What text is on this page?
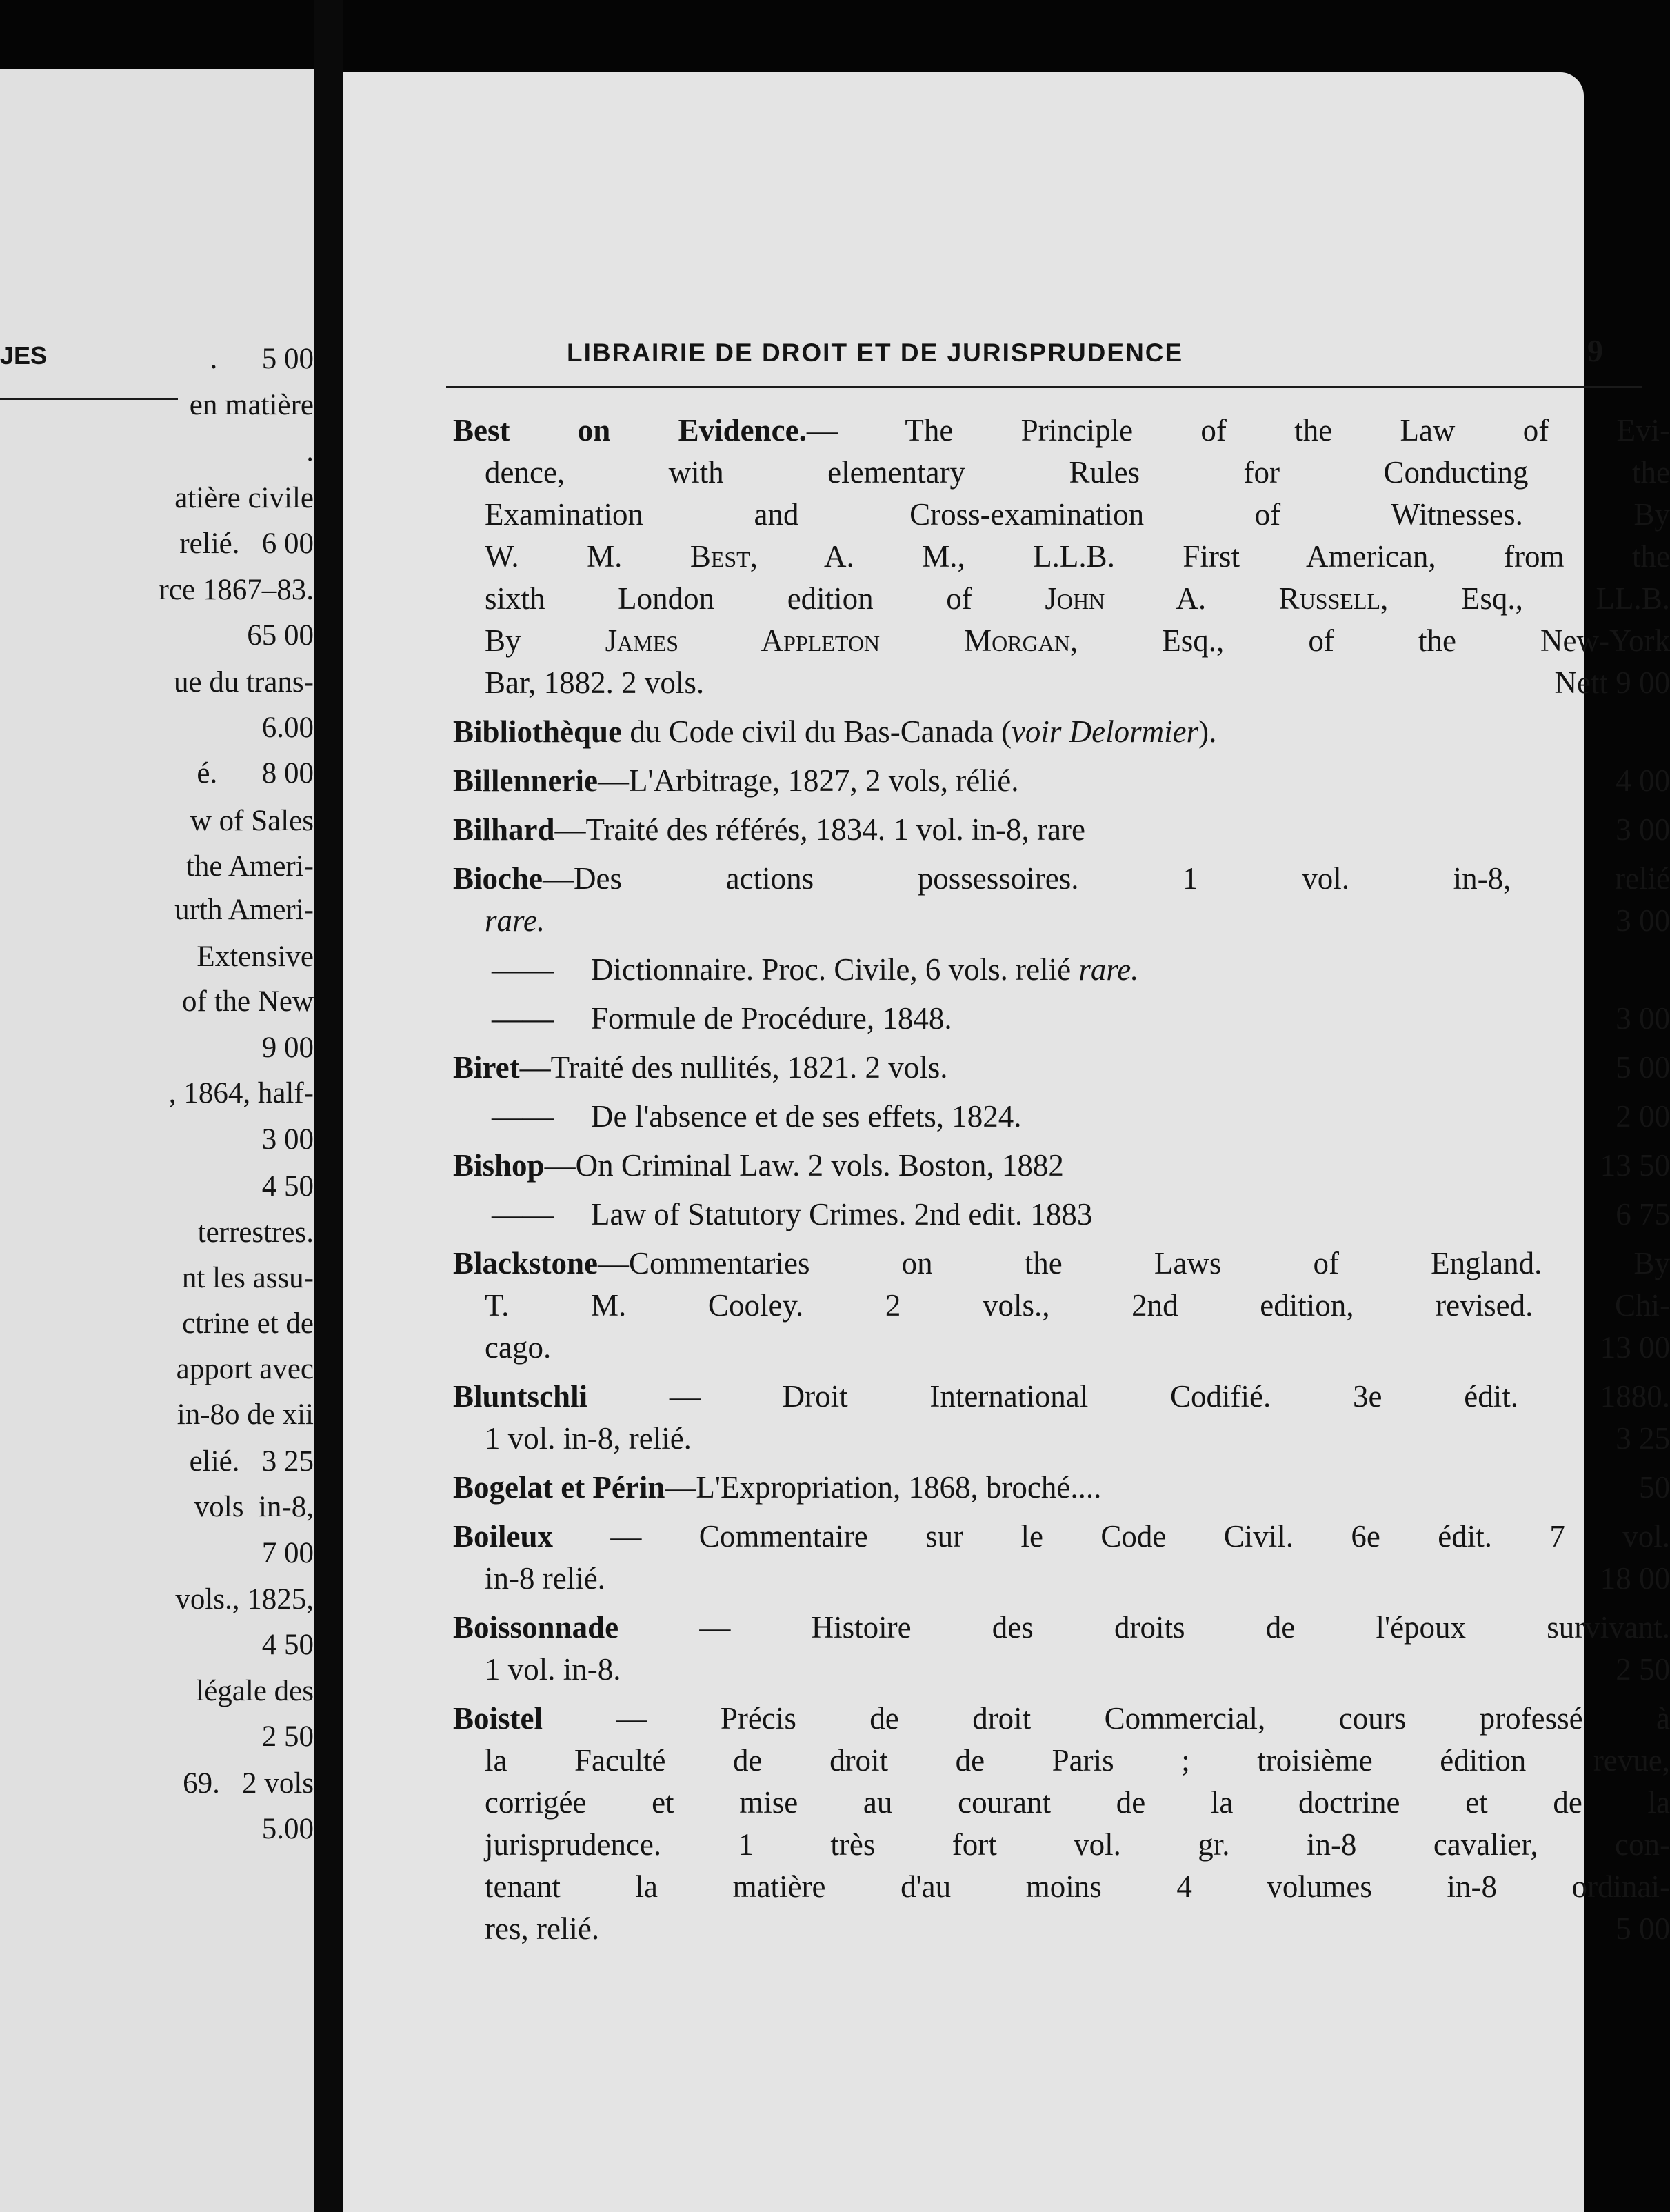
JES	.      5 00
en matière
.
atière civile
relié.   6 00
rce 1867–83.
65 00
ue du trans-
6.00
é.      8 00
w of Sales
the Ameri-
urth Ameri-
Extensive
of the New
9 00
, 1864, half-
3 00
4 50
terrestres.
nt les assu-
ctrine et de
apport avec
in-8o de xii
elié.   3 25
vols  in-8,
7 00
vols., 1825,
4 50
légale des
2 50
69.   2 vols
5.00
LIBRAIRIE DE DROIT ET DE JURISPRUDENCE	9
Best on Evidence.— The Principle of the Law of Evi-
dence, with elementary Rules for Conducting the
Examination and Cross-examination of Witnesses. By
W. M. Best, A. M., L.L.B. First American, from the
sixth London edition of John A. Russell, Esq., LL.B.
By James Appleton Morgan, Esq., of the New-York
Bar, 1882. 2 vols.	Nett 9 00
Bibliothèque du Code civil du Bas-Canada (voir Delormier).
Billennerie—L'Arbitrage, 1827, 2 vols, rélié.	4 00
Bilhard—Traité des référés, 1834. 1 vol. in-8, rare	3 00
Bioche—Des actions possessoires. 1 vol. in-8, relié
rare.	3 00
—— Dictionnaire. Proc. Civile, 6 vols. relié rare.
—— Formule de Procédure, 1848.	3 00
Biret—Traité des nullités, 1821. 2 vols.	5 00
—— De l'absence et de ses effets, 1824.	2 00
Bishop—On Criminal Law. 2 vols. Boston, 1882	13 50
—— Law of Statutory Crimes. 2nd edit. 1883	6 75
Blackstone—Commentaries on the Laws of England. By
T. M. Cooley. 2 vols., 2nd edition, revised. Chi-
cago.	13 00
Bluntschli — Droit International Codifié. 3e édit. 1880.
1 vol. in-8, relié.	3 25
Bogelat et Périn—L'Expropriation, 1868, broché....	50
Boileux — Commentaire sur le Code Civil. 6e édit. 7 vol.
in-8 relié.	18 00
Boissonnade — Histoire des droits de l'époux survivant.
1 vol. in-8.	2 50
Boistel — Précis de droit Commercial, cours professé à
la Faculté de droit de Paris ; troisième édition revue,
corrigée et mise au courant de la doctrine et de la
jurisprudence. 1 très fort vol. gr. in-8 cavalier, con-
tenant la matière d'au moins 4 volumes in-8 ordinai-
res, relié.	5 00
